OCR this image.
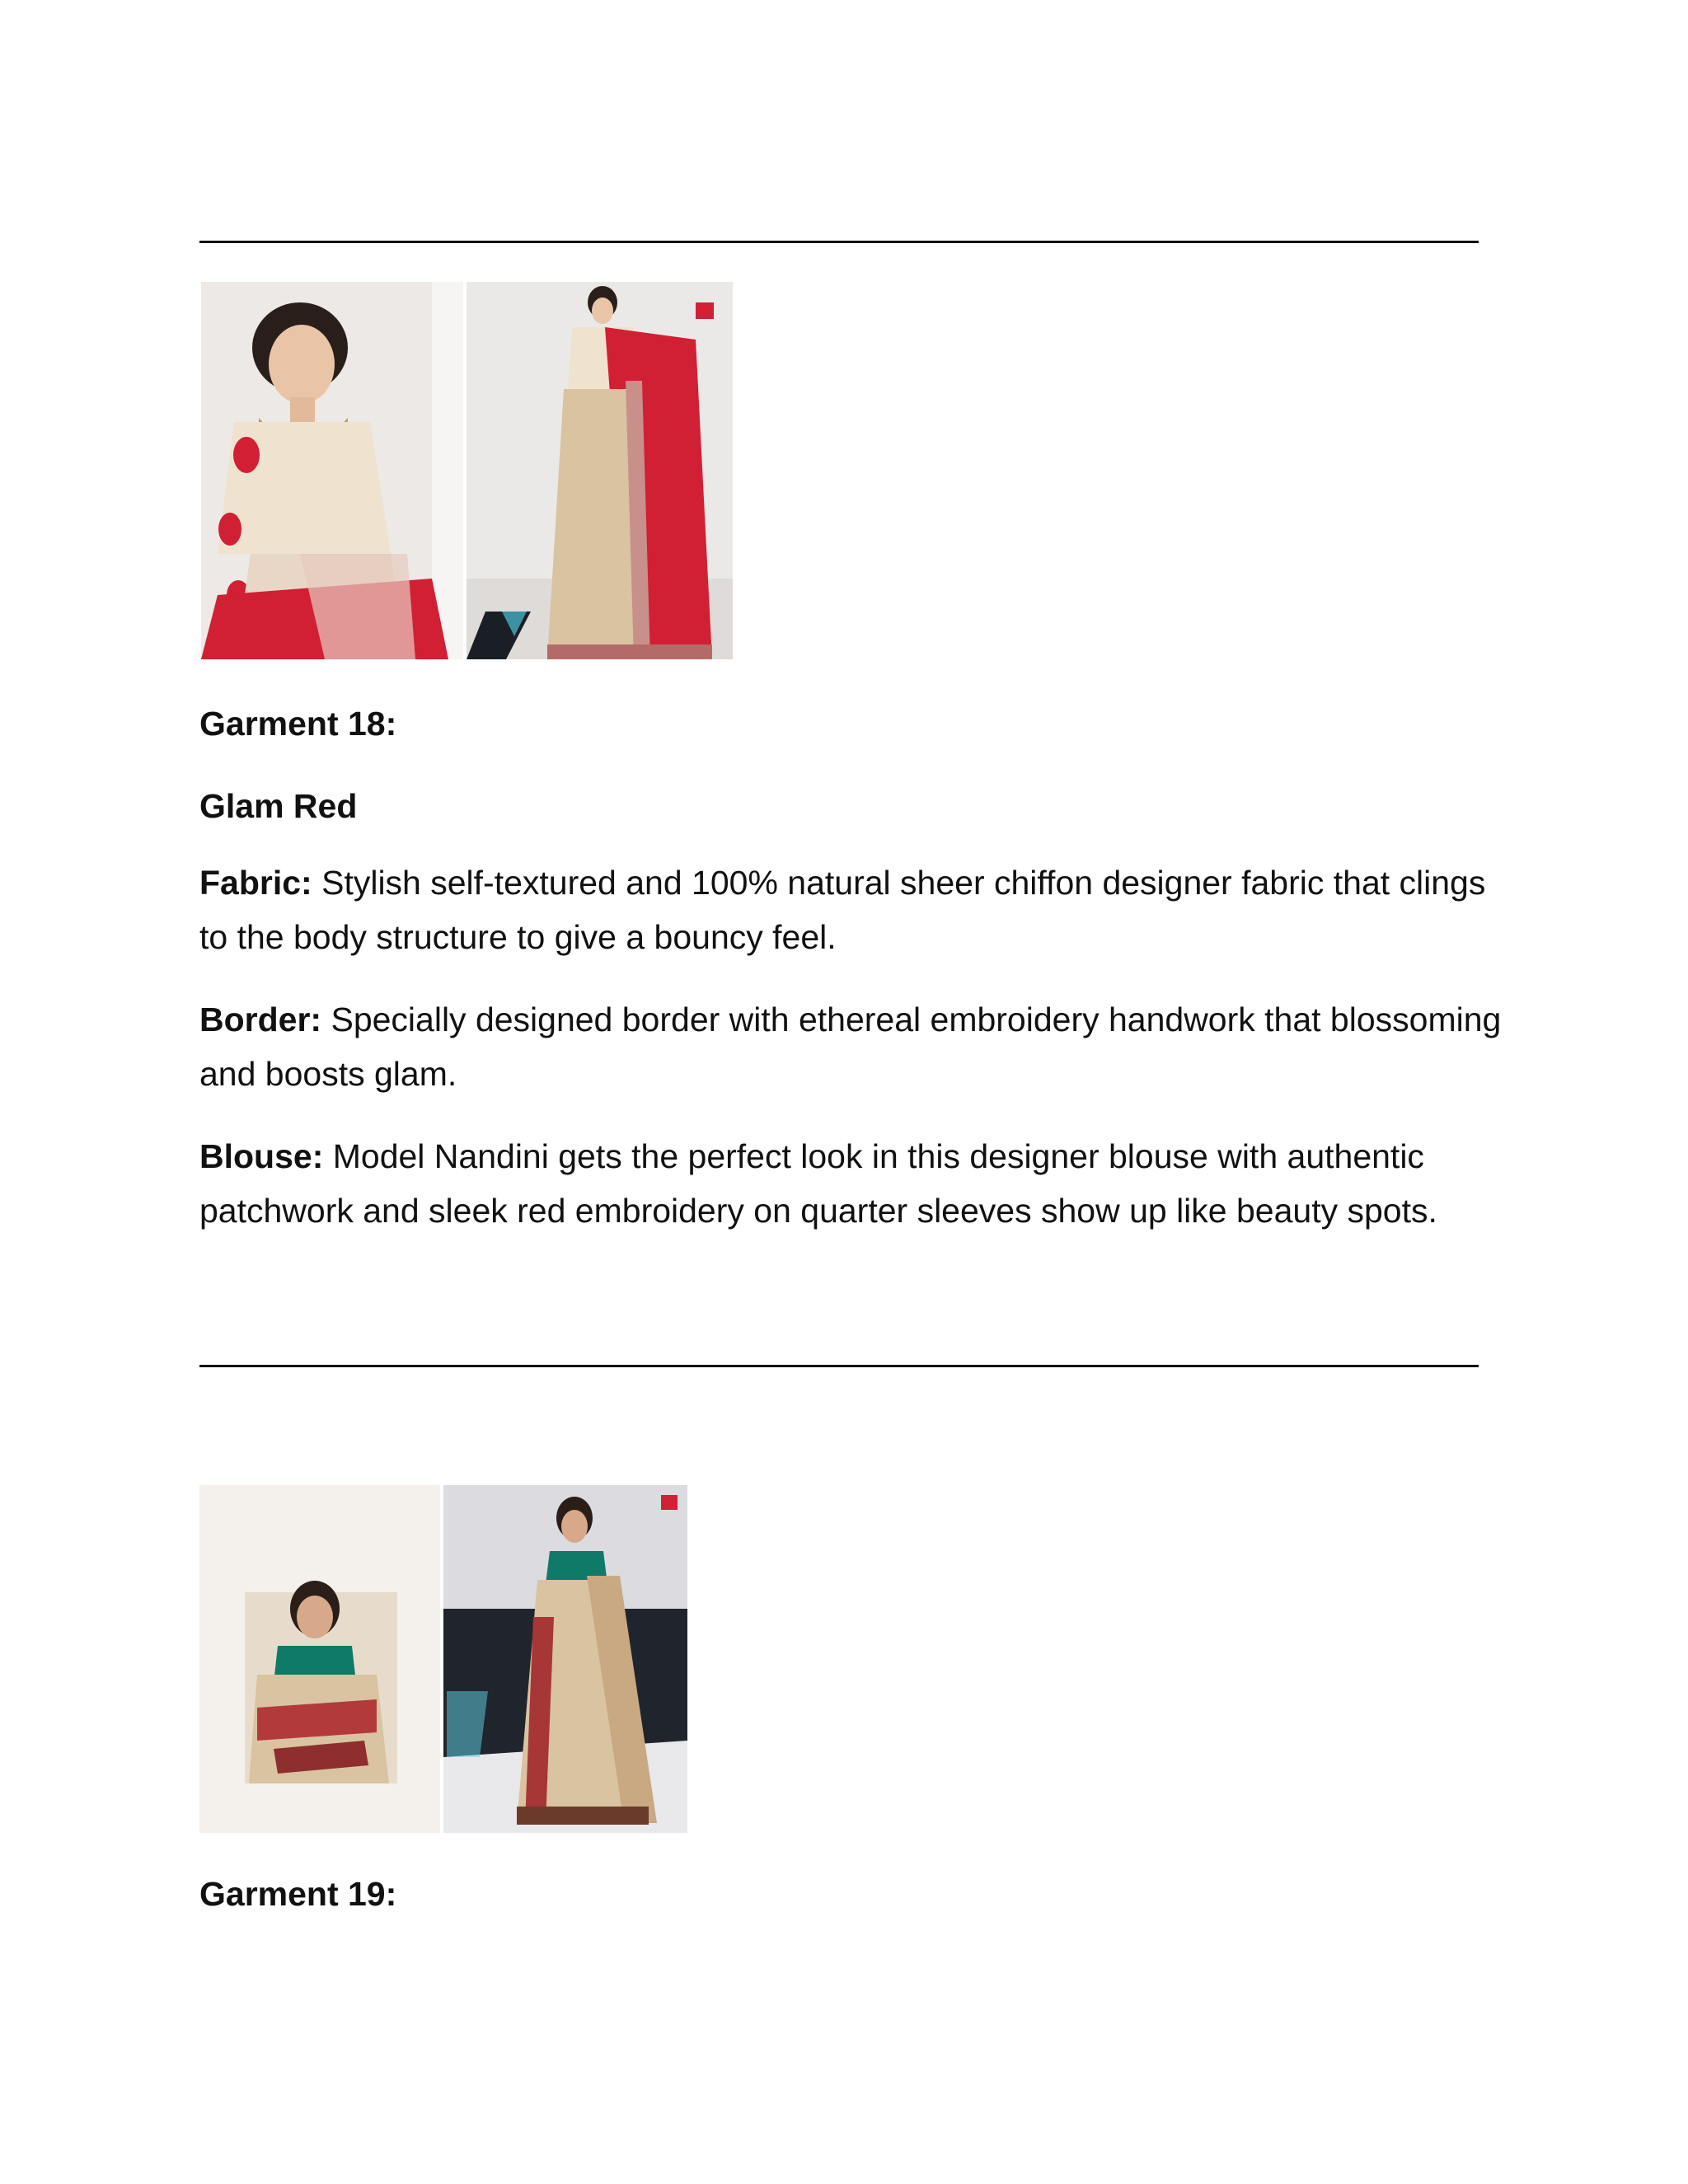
Garment 18:
Glam Red
Fabric: Stylish self-textured and 100% natural sheer chiffon designer fabric that clings to the body structure to give a bouncy feel.
Border: Specially designed border with ethereal embroidery handwork that blossoming and boosts glam.
Blouse: Model Nandini gets the perfect look in this designer blouse with authentic patchwork and sleek red embroidery on quarter sleeves show up like beauty spots.
Garment 19:
